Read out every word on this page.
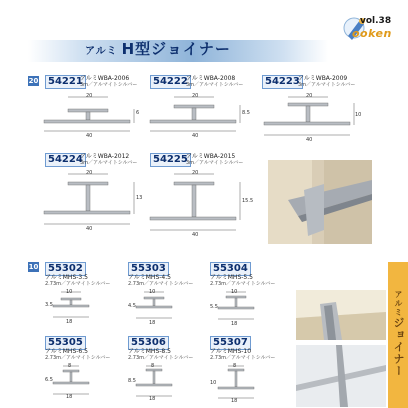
アルミ H型ジョイナー
vol.38
ooken
20
10
54221
アルミWBA-2006
3m／アルマイトシルバー	54222
アルミWBA-2008
3m／アルマイトシルバー	54223
アルミWBA-2009
3m／アルマイトシルバー
20
40
6
20
40
8.5
20
40
10
54224
アルミWBA-2012
3m／アルマイトシルバー	54225
アルミWBA-2015
3m／アルマイトシルバー
20
40
13
20
40
15.5
55302
アルミMHS-3.5
2.73m／アルマイトシルバー
55303
アルミMHS-4.5
2.73m／アルマイトシルバー
55304
アルミMHS-5.5
2.73m／アルマイトシルバー
10
18
3.5
10
18
4.5
10
18
5.5
55305
アルミMHS-6.5
2.73m／アルマイトシルバー
55306
アルミMHS-8.5
2.73m／アルマイトシルバー
55307
アルミMHS-10
2.73m／アルマイトシルバー
8
18
6.5
8
18
8.5
8
18
10
アルミジョイナー
